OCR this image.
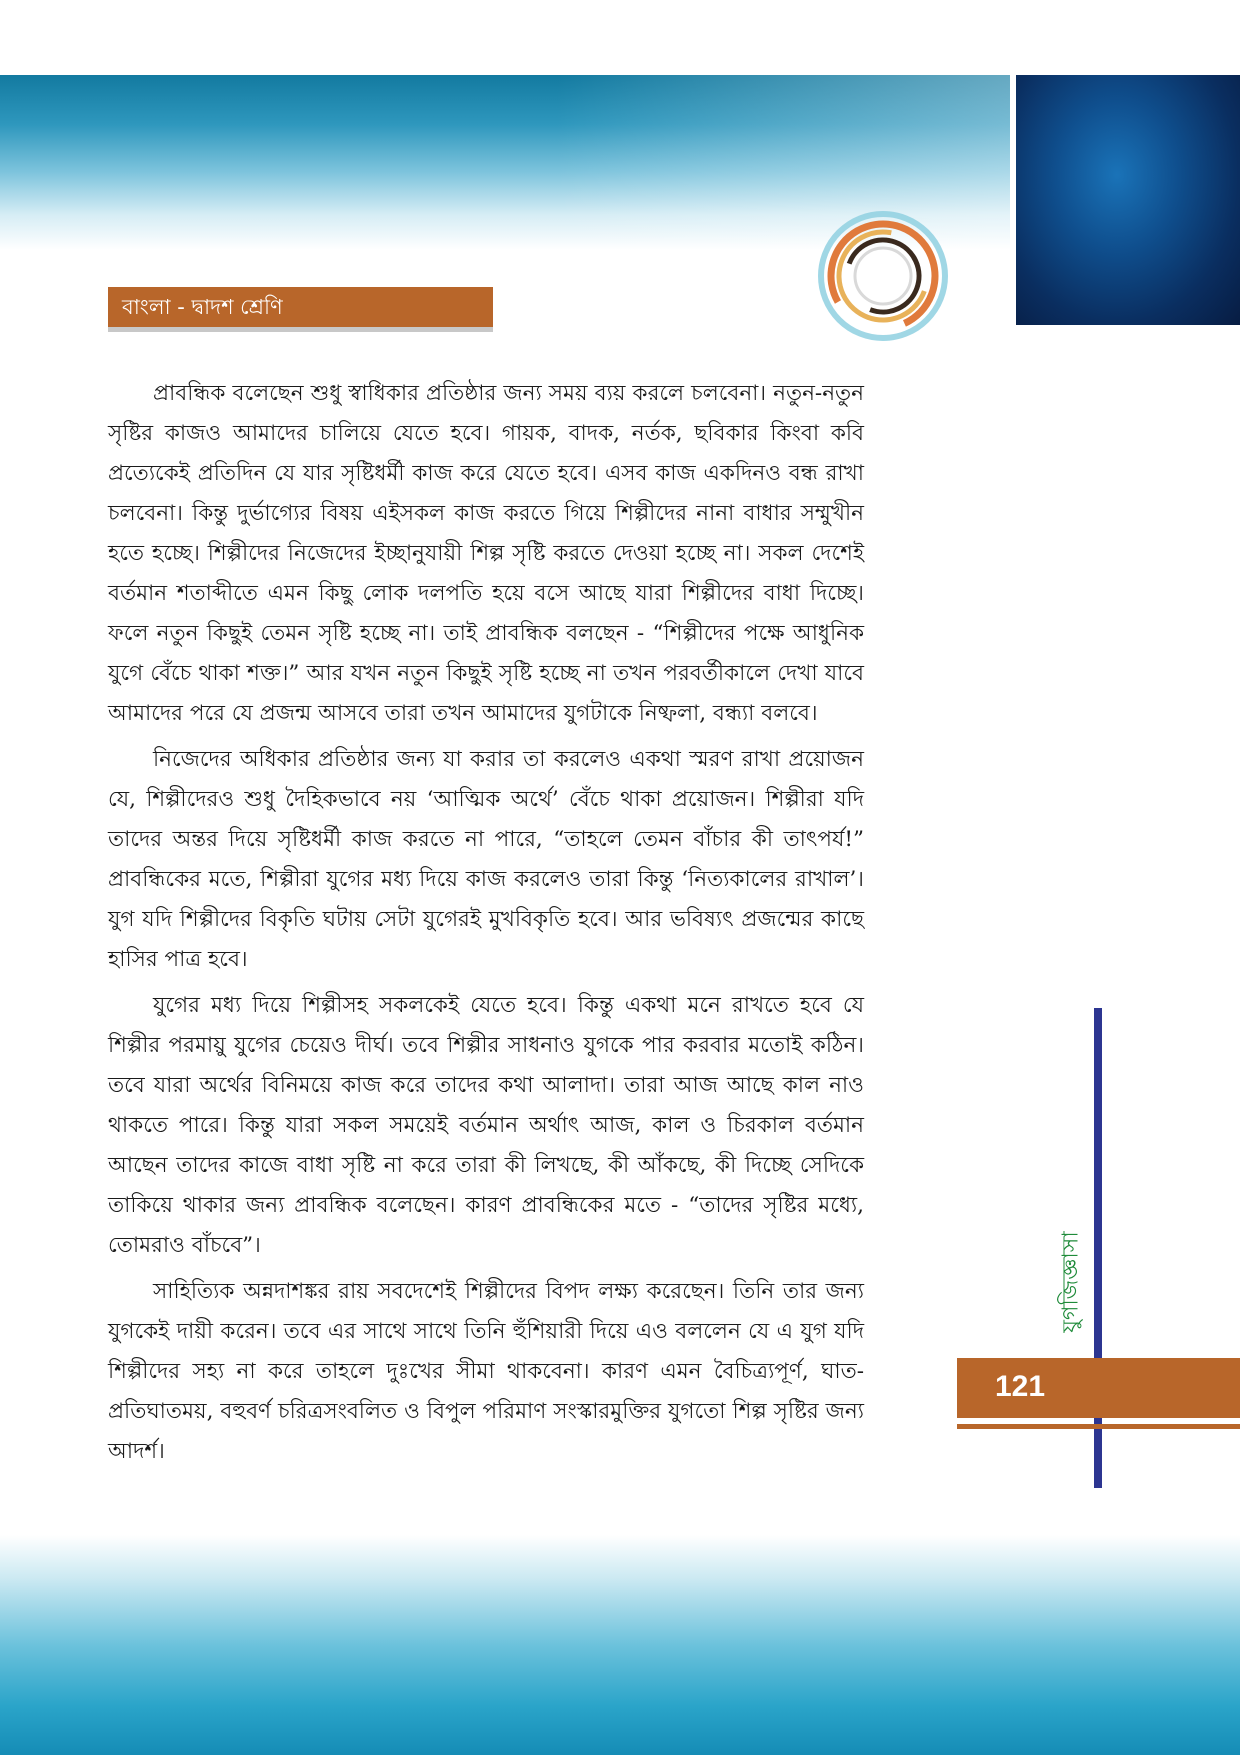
বাংলা - দ্বাদশ শ্রেণি

প্রাবন্ধিক বলেছেন শুধু স্বাধিকার প্রতিষ্ঠার জন্য সময় ব্যয় করলে চলবেনা। নতুন-নতুন সৃষ্টির কাজও আমাদের চালিয়ে যেতে হবে। গায়ক, বাদক, নর্তক, ছবিকার কিংবা কবি প্রত্যেকেই প্রতিদিন যে যার সৃষ্টিধর্মী কাজ করে যেতে হবে। এসব কাজ একদিনও বন্ধ রাখা চলবেনা। কিন্তু দুর্ভাগ্যের বিষয় এইসকল কাজ করতে গিয়ে শিল্পীদের নানা বাধার সম্মুখীন হতে হচ্ছে। শিল্পীদের নিজেদের ইচ্ছানুযায়ী শিল্প সৃষ্টি করতে দেওয়া হচ্ছে না। সকল দেশেই বর্তমান শতাব্দীতে এমন কিছু লোক দলপতি হয়ে বসে আছে যারা শিল্পীদের বাধা দিচ্ছে। ফলে নতুন কিছুই তেমন সৃষ্টি হচ্ছে না। তাই প্রাবন্ধিক বলছেন - “শিল্পীদের পক্ষে আধুনিক যুগে বেঁচে থাকা শক্ত।” আর যখন নতুন কিছুই সৃষ্টি হচ্ছে না তখন পরবর্তীকালে দেখা যাবে আমাদের পরে যে প্রজন্ম আসবে তারা তখন আমাদের যুগটাকে নিষ্ফলা, বন্ধ্যা বলবে।

নিজেদের অধিকার প্রতিষ্ঠার জন্য যা করার তা করলেও একথা স্মরণ রাখা প্রয়োজন যে, শিল্পীদেরও শুধু দৈহিকভাবে নয় ‘আত্মিক অর্থে’ বেঁচে থাকা প্রয়োজন। শিল্পীরা যদি তাদের অন্তর দিয়ে সৃষ্টিধর্মী কাজ করতে না পারে, “তাহলে তেমন বাঁচার কী তাৎপর্য!” প্রাবন্ধিকের মতে, শিল্পীরা যুগের মধ্য দিয়ে কাজ করলেও তারা কিন্তু ‘নিত্যকালের রাখাল’। যুগ যদি শিল্পীদের বিকৃতি ঘটায় সেটা যুগেরই মুখবিকৃতি হবে। আর ভবিষ্যৎ প্রজন্মের কাছে হাসির পাত্র হবে।

যুগের মধ্য দিয়ে শিল্পীসহ সকলকেই যেতে হবে। কিন্তু একথা মনে রাখতে হবে যে শিল্পীর পরমায়ু যুগের চেয়েও দীর্ঘ। তবে শিল্পীর সাধনাও যুগকে পার করবার মতোই কঠিন। তবে যারা অর্থের বিনিময়ে কাজ করে তাদের কথা আলাদা। তারা আজ আছে কাল নাও থাকতে পারে। কিন্তু যারা সকল সময়েই বর্তমান অর্থাৎ আজ, কাল ও চিরকাল বর্তমান আছেন তাদের কাজে বাধা সৃষ্টি না করে তারা কী লিখছে, কী আঁকছে, কী দিচ্ছে সেদিকে তাকিয়ে থাকার জন্য প্রাবন্ধিক বলেছেন। কারণ প্রাবন্ধিকের মতে - “তাদের সৃষ্টির মধ্যে, তোমরাও বাঁচবে”।

সাহিত্যিক অন্নদাশঙ্কর রায় সবদেশেই শিল্পীদের বিপদ লক্ষ্য করেছেন। তিনি তার জন্য যুগকেই দায়ী করেন। তবে এর সাথে সাথে তিনি হুঁশিয়ারী দিয়ে এও বললেন যে এ যুগ যদি শিল্পীদের সহ্য না করে তাহলে দুঃখের সীমা থাকবেনা। কারণ এমন বৈচিত্র্যপূর্ণ, ঘাত-প্রতিঘাতময়, বহুবর্ণ চরিত্রসংবলিত ও বিপুল পরিমাণ সংস্কারমুক্তির যুগতো শিল্প সৃষ্টির জন্য আদর্শ।

যুগজিজ্ঞাসা
121
